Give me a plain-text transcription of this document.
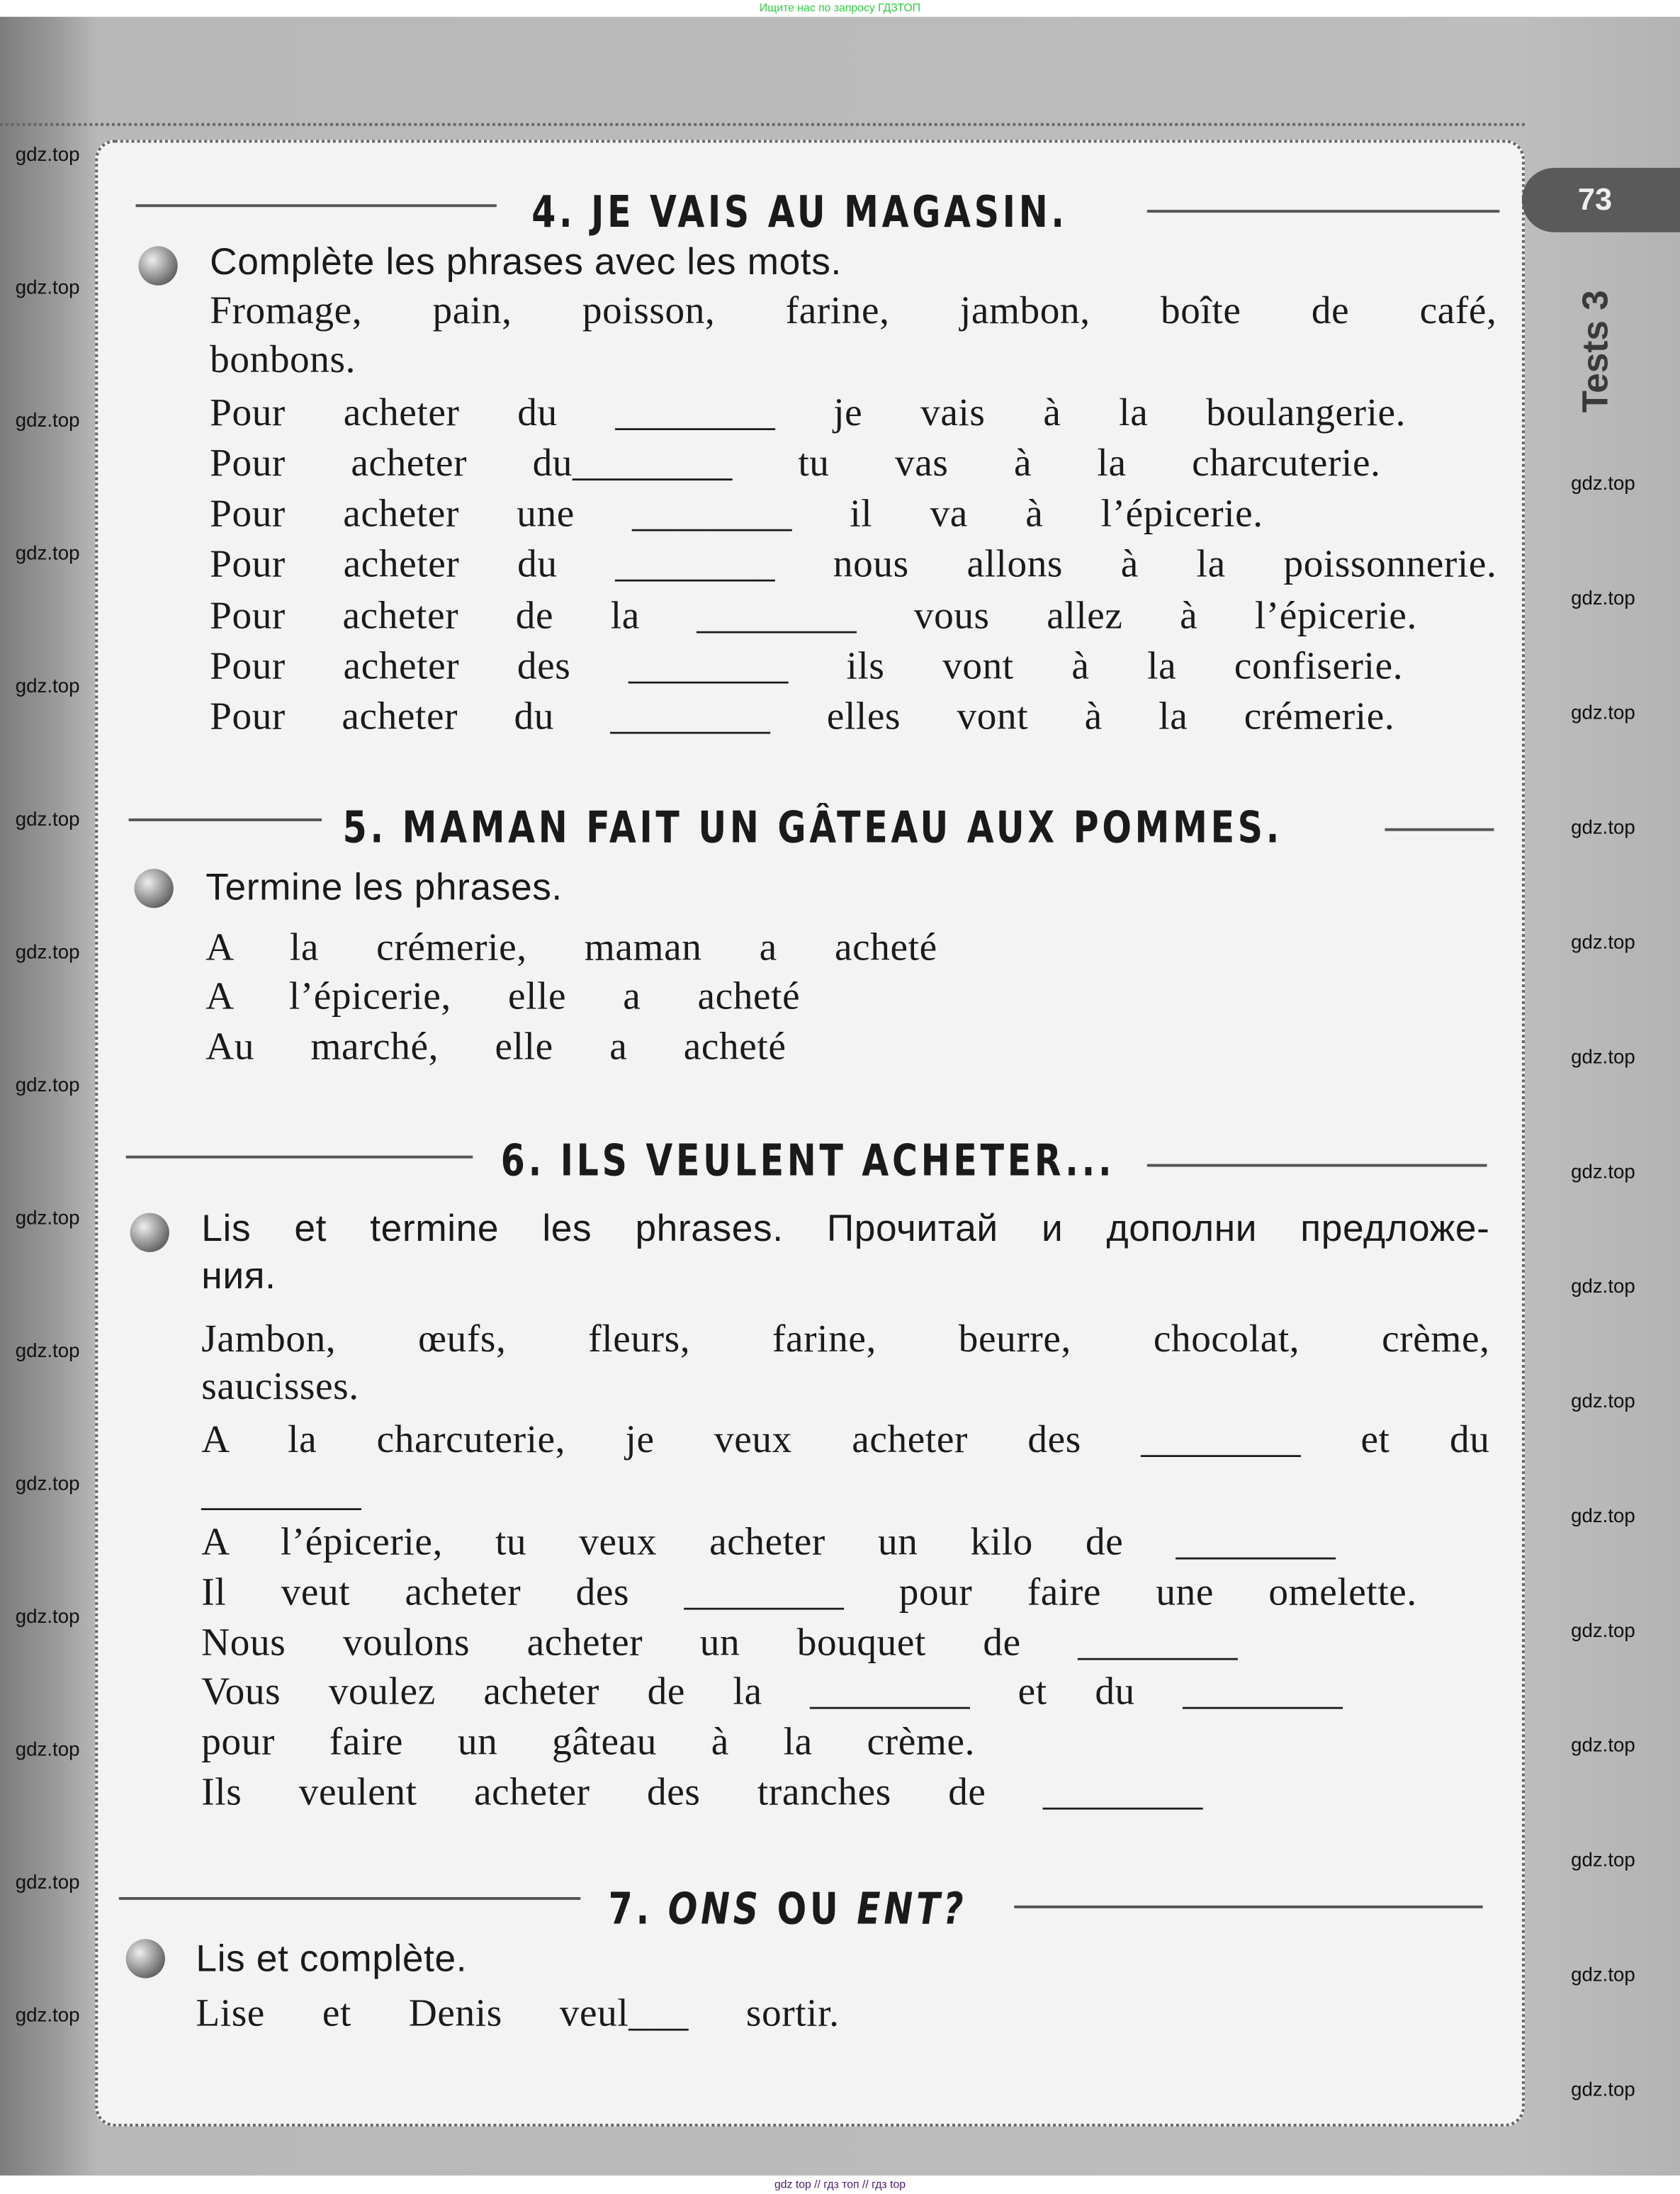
Ищите нас по запросу ГДЗТОП
73
Tests 3
4. JE VAIS AU MAGASIN.
Complète les phrases avec les mots.
Fromage, pain, poisson, farine, jambon, boîte de café,
bonbons.
Pour acheter du ________ je vais à la boulangerie.
Pour acheter du________ tu vas à la charcuterie.
Pour acheter une ________ il va à l’épicerie.
Pour acheter du ________ nous allons à la poissonnerie.
Pour acheter de la ________ vous allez à l’épicerie.
Pour acheter des ________ ils vont à la confiserie.
Pour acheter du ________ elles vont à la crémerie.
5. MAMAN FAIT UN GÂTEAU AUX POMMES.
Termine les phrases.
A la crémerie, maman a acheté
A l’épicerie, elle a acheté
Au marché, elle a acheté
6. ILS VEULENT ACHETER...
Lis et termine les phrases. Прочитай и дополни предложе-
ния.
Jambon, œufs, fleurs, farine, beurre, chocolat, crème,
saucisses.
A la charcuterie, je veux acheter des ________ et du
________
A l’épicerie, tu veux acheter un kilo de ________
Il veut acheter des ________ pour faire une omelette.
Nous voulons acheter un bouquet de ________
Vous voulez acheter de la ________ et du ________
pour faire un gâteau à la crème.
Ils veulent acheter des tranches de ________
7. ONS OU ENT?
Lis et complète.
Lise et Denis veul___ sortir.
gdz.top
gdz.top
gdz.top
gdz.top
gdz.top
gdz.top
gdz.top
gdz.top
gdz.top
gdz.top
gdz.top
gdz.top
gdz.top
gdz.top
gdz.top
gdz.top
gdz.top
gdz.top
gdz.top
gdz.top
gdz.top
gdz.top
gdz.top
gdz.top
gdz.top
gdz.top
gdz.top
gdz.top
gdz.top
gdz.top
gdz top // гдз топ // гдз top
